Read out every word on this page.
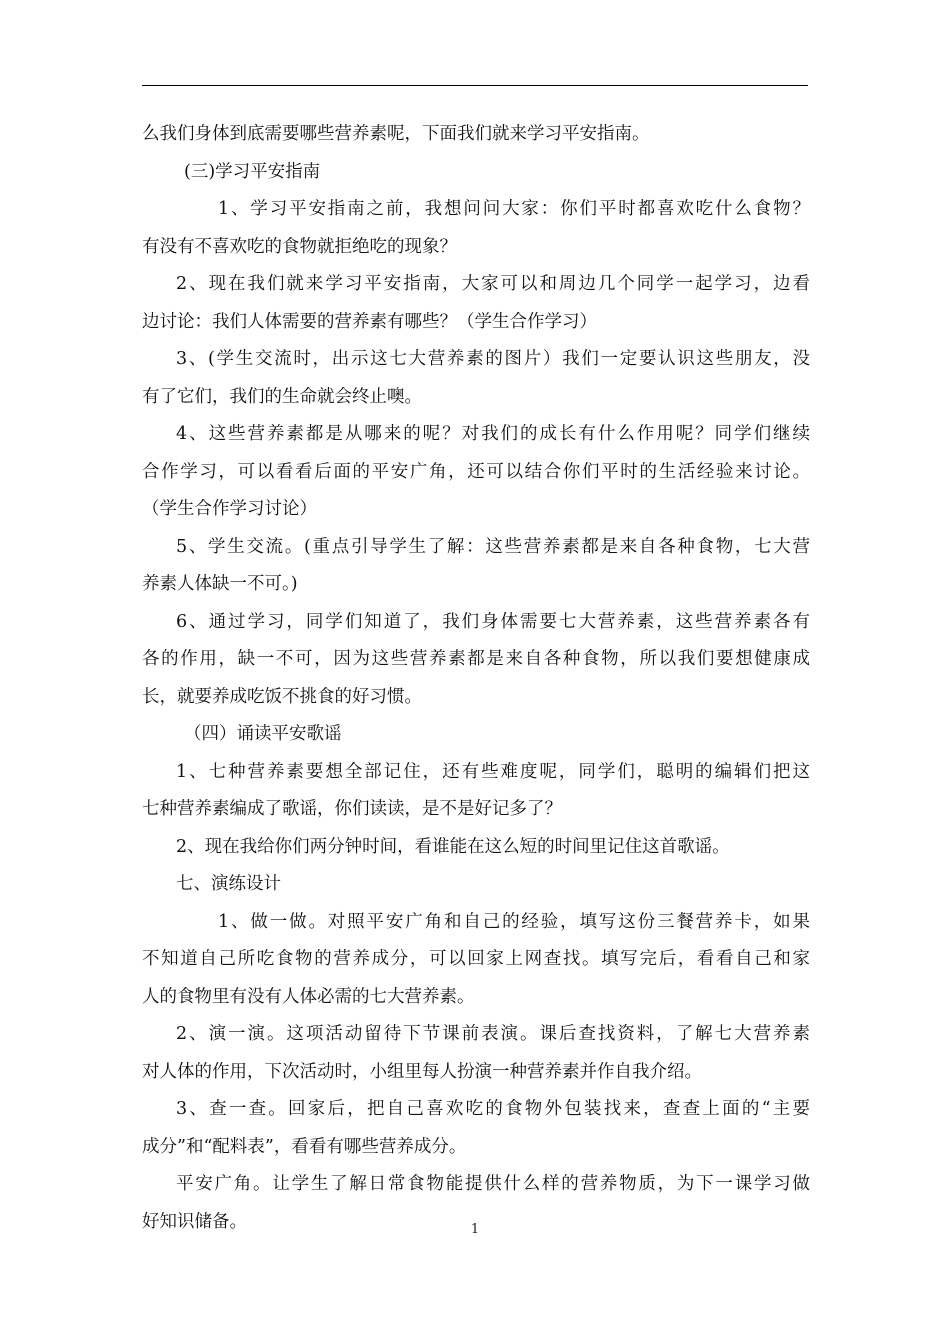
么我们身体到底需要哪些营养素呢，下面我们就来学习平安指南。
(三)学习平安指南
1、学习平安指南之前，我想问问大家：你们平时都喜欢吃什么食物？
有没有不喜欢吃的食物就拒绝吃的现象？
2、现在我们就来学习平安指南，大家可以和周边几个同学一起学习，边看
边讨论：我们人体需要的营养素有哪些？（学生合作学习）
3、(学生交流时，出示这七大营养素的图片）我们一定要认识这些朋友，没
有了它们，我们的生命就会终止噢。
4、这些营养素都是从哪来的呢？对我们的成长有什么作用呢？同学们继续
合作学习，可以看看后面的平安广角，还可以结合你们平时的生活经验来讨论。
（学生合作学习讨论）
5、学生交流。(重点引导学生了解：这些营养素都是来自各种食物，七大营
养素人体缺一不可。)
6、通过学习，同学们知道了，我们身体需要七大营养素，这些营养素各有
各的作用，缺一不可，因为这些营养素都是来自各种食物，所以我们要想健康成
长，就要养成吃饭不挑食的好习惯。
（四）诵读平安歌谣
1、七种营养素要想全部记住，还有些难度呢，同学们，聪明的编辑们把这
七种营养素编成了歌谣，你们读读，是不是好记多了？
2、现在我给你们两分钟时间，看谁能在这么短的时间里记住这首歌谣。
七、演练设计
1、做一做。对照平安广角和自己的经验，填写这份三餐营养卡，如果
不知道自己所吃食物的营养成分，可以回家上网查找。填写完后，看看自己和家
人的食物里有没有人体必需的七大营养素。
2、演一演。这项活动留待下节课前表演。课后查找资料，了解七大营养素
对人体的作用，下次活动时，小组里每人扮演一种营养素并作自我介绍。
3、查一查。回家后，把自己喜欢吃的食物外包装找来，查查上面的“主要
成分”和“配料表”，看看有哪些营养成分。
平安广角。让学生了解日常食物能提供什么样的营养物质，为下一课学习做
好知识储备。	1
